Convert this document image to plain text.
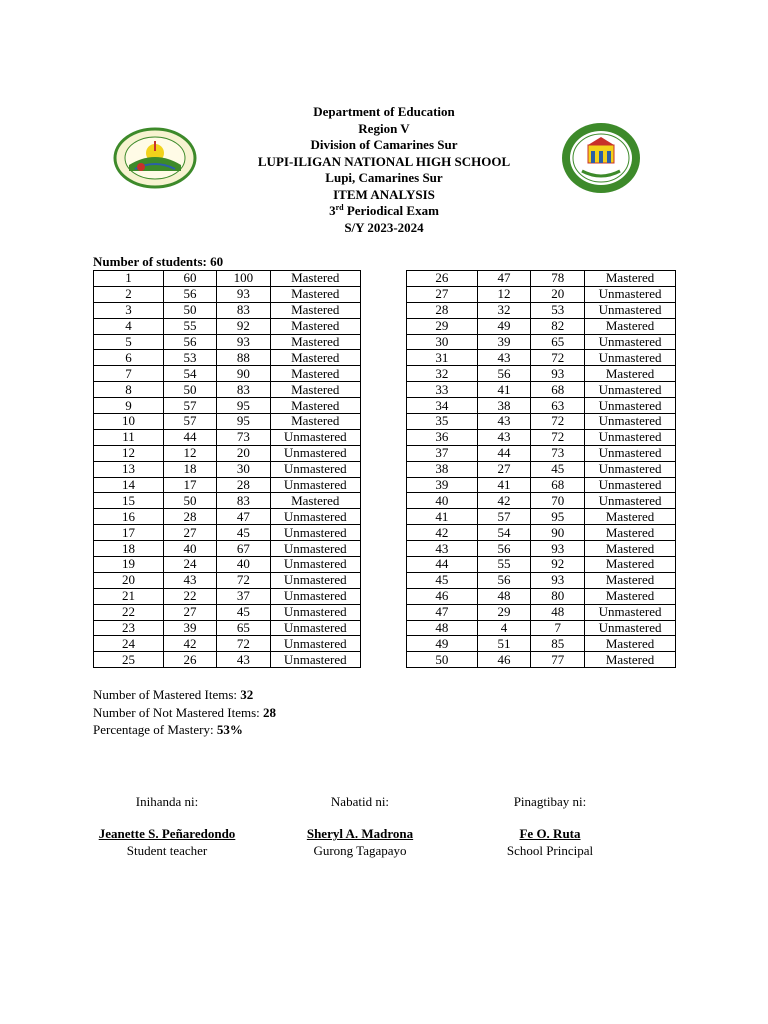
Department of Education
Region V
Division of Camarines Sur
LUPI-ILIGAN NATIONAL HIGH SCHOOL
Lupi, Camarines Sur
ITEM ANALYSIS
3rd Periodical Exam
S/Y 2023-2024
Number of students: 60
1	60	100	Mastered
2	56	93	Mastered
3	50	83	Mastered
4	55	92	Mastered
5	56	93	Mastered
6	53	88	Mastered
7	54	90	Mastered
8	50	83	Mastered
9	57	95	Mastered
10	57	95	Mastered
11	44	73	Unmastered
12	12	20	Unmastered
13	18	30	Unmastered
14	17	28	Unmastered
15	50	83	Mastered
16	28	47	Unmastered
17	27	45	Unmastered
18	40	67	Unmastered
19	24	40	Unmastered
20	43	72	Unmastered
21	22	37	Unmastered
22	27	45	Unmastered
23	39	65	Unmastered
24	42	72	Unmastered
25	26	43	Unmastered
26	47	78	Mastered
27	12	20	Unmastered
28	32	53	Unmastered
29	49	82	Mastered
30	39	65	Unmastered
31	43	72	Unmastered
32	56	93	Mastered
33	41	68	Unmastered
34	38	63	Unmastered
35	43	72	Unmastered
36	43	72	Unmastered
37	44	73	Unmastered
38	27	45	Unmastered
39	41	68	Unmastered
40	42	70	Unmastered
41	57	95	Mastered
42	54	90	Mastered
43	56	93	Mastered
44	55	92	Mastered
45	56	93	Mastered
46	48	80	Mastered
47	29	48	Unmastered
48	4	7	Unmastered
49	51	85	Mastered
50	46	77	Mastered
Number of Mastered Items: 32
Number of Not Mastered Items: 28
Percentage of Mastery: 53%
Inihanda ni:
Jeanette S. Peñaredondo
Student teacher
Nabatid ni:
Sheryl A. Madrona
Gurong Tagapayo
Pinagtibay ni:
Fe O. Ruta
School Principal
